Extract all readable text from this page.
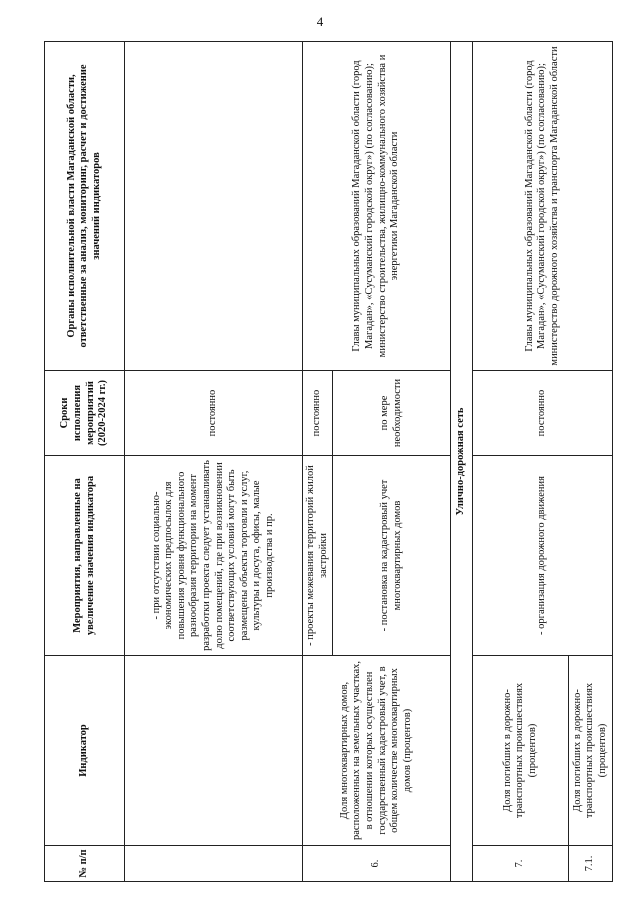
4
№ п/п	Индикатор	Мероприятия, направленные на увеличение значения индикатора	Сроки исполнения мероприятий (2020-2024 гг.)	Органы исполнительной власти Магаданской области, ответственные за анализ, мониторинг, расчет и достижение значений индикаторов
		- при отсутствии социально-экономических предпосылок для повышения уровня функционального разнообразия территории на момент разработки проекта следует устанавливать долю помещений, где при возникновении соответствующих условий могут быть размещены объекты торговли и услуг, культуры и досуга, офисы, малые производства и пр.	постоянно	
6.	Доля многоквартирных домов, расположенных на земельных участках, в отношении которых осуществлен государственный кадастровый учет, в общем количестве многоквартирных домов (процентов)	- проекты межевания территорий жилой застройки	постоянно	Главы муниципальных образований Магаданской области (город Магадан», «Сусуманский городской округ») (по согласованию); министерство строительства, жилищно-коммунального хозяйства и энергетики Магаданской области
		- постановка на кадастровый учет многоквартирных домов	по мере необходимости	
Улично-дорожная сеть				
7.	Доля погибших в дорожно-транспортных происшествиях (процентов)	- организация дорожного движения	постоянно	Главы муниципальных образований Магаданской области (город Магадан», «Сусуманский городской округ») (по согласованию); министерство дорожного хозяйства и транспорта Магаданской области
7.1.	Доля погибших в дорожно-транспортных происшествиях (процентов)			
